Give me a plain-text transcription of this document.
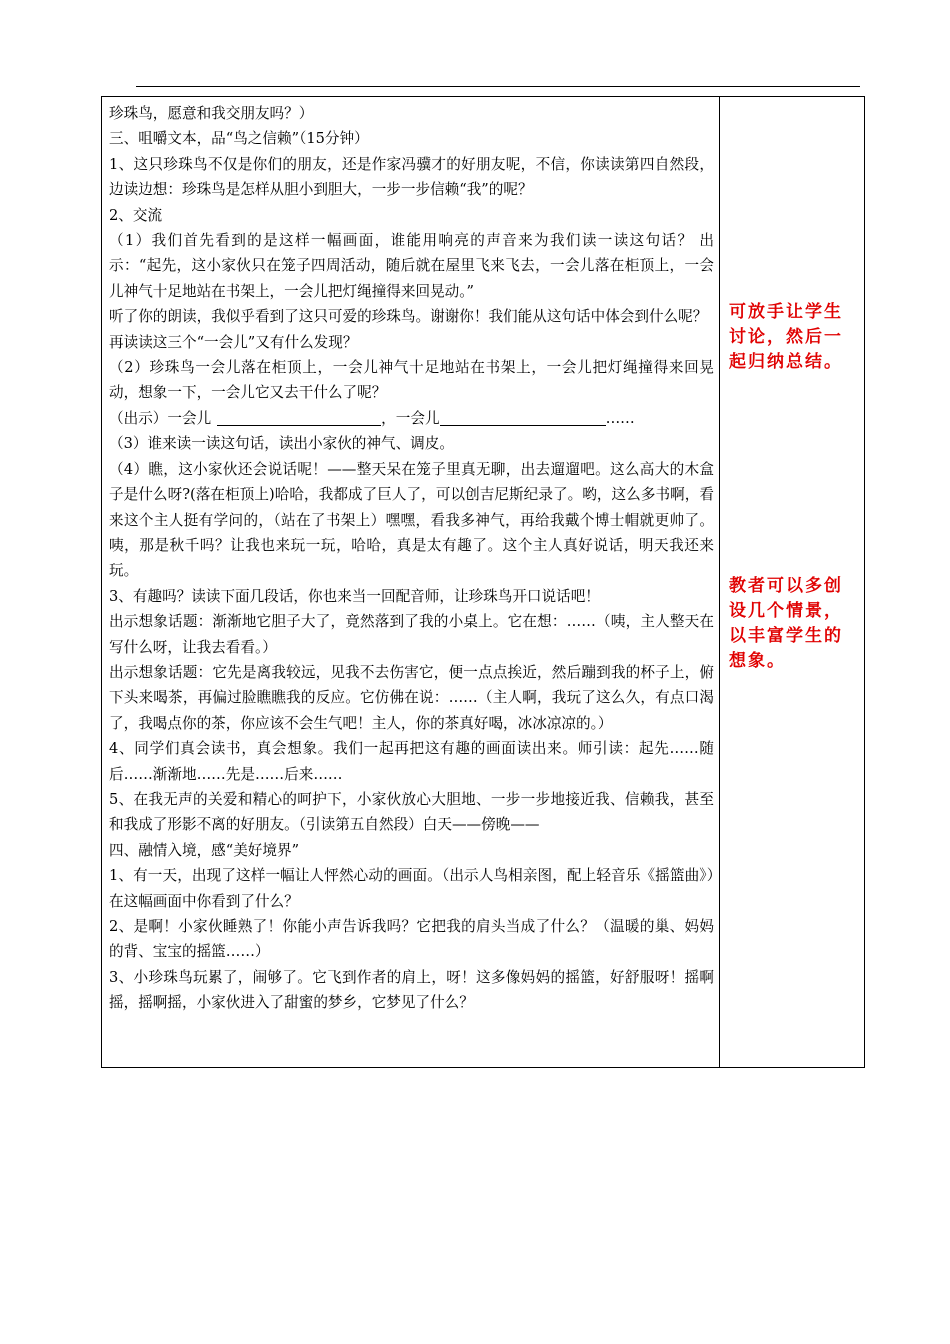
珍珠鸟，愿意和我交朋友吗？）

三、咀嚼文本，品“鸟之信赖”（15分钟）

1、这只珍珠鸟不仅是你们的朋友，还是作家冯骥才的好朋友呢，不信，你读读第四自然段，边读边想：珍珠鸟是怎样从胆小到胆大，一步一步信赖“我”的呢？

2、交流

（1）我们首先看到的是这样一幅画面，谁能用响亮的声音来为我们读一读这句话？ 出示：“起先，这小家伙只在笼子四周活动，随后就在屋里飞来飞去，一会儿落在柜顶上，一会儿神气十足地站在书架上，一会儿把灯绳撞得来回晃动。”

听了你的朗读，我似乎看到了这只可爱的珍珠鸟。谢谢你！我们能从这句话中体会到什么呢？

再读读这三个“一会儿”又有什么发现？

（2）珍珠鸟一会儿落在柜顶上，一会儿神气十足地站在书架上，一会儿把灯绳撞得来回晃动，想象一下，一会儿它又去干什么了呢？

（出示）一会儿	，一会儿	……

（3）谁来读一读这句话，读出小家伙的神气、调皮。

（4）瞧，这小家伙还会说话呢！——整天呆在笼子里真无聊，出去遛遛吧。这么高大的木盒子是什么呀?(落在柜顶上)哈哈，我都成了巨人了，可以创吉尼斯纪录了。哟，这么多书啊，看来这个主人挺有学问的，（站在了书架上）嘿嘿，看我多神气，再给我戴个博士帽就更帅了。咦，那是秋千吗？让我也来玩一玩，哈哈，真是太有趣了。这个主人真好说话，明天我还来玩。

3、有趣吗？读读下面几段话，你也来当一回配音师，让珍珠鸟开口说话吧！

出示想象话题：渐渐地它胆子大了，竟然落到了我的小桌上。它在想：……（咦，主人整天在写什么呀，让我去看看。）

出示想象话题：它先是离我较远，见我不去伤害它，便一点点挨近，然后蹦到我的杯子上，俯下头来喝茶，再偏过脸瞧瞧我的反应。它仿佛在说：……（主人啊，我玩了这么久，有点口渴了，我喝点你的茶，你应该不会生气吧！主人，你的茶真好喝，冰冰凉凉的。）

4、同学们真会读书，真会想象。我们一起再把这有趣的画面读出来。师引读：起先……随后……渐渐地……先是……后来……

5、在我无声的关爱和精心的呵护下，小家伙放心大胆地、一步一步地接近我、信赖我，甚至和我成了形影不离的好朋友。（引读第五自然段）白天——傍晚——

四、融情入境，感“美好境界”

1、有一天，出现了这样一幅让人怦然心动的画面。（出示人鸟相亲图，配上轻音乐《摇篮曲》）在这幅画面中你看到了什么？

2、是啊！小家伙睡熟了！你能小声告诉我吗？它把我的肩头当成了什么？（温暖的巢、妈妈的背、宝宝的摇篮……）

3、小珍珠鸟玩累了，闹够了。它飞到作者的肩上，呀！这多像妈妈的摇篮，好舒服呀！摇啊摇，摇啊摇，小家伙进入了甜蜜的梦乡，它梦见了什么？

可放手让学生讨论，然后一起归纳总结。
教者可以多创设几个情景，以丰富学生的想象。
